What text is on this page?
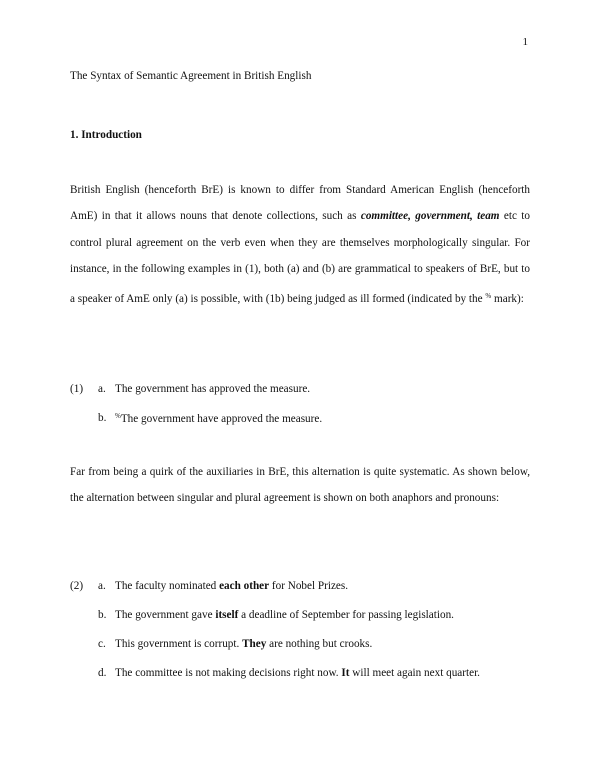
1
The Syntax of Semantic Agreement in British English
1. Introduction

British English (henceforth BrE) is known to differ from Standard American English (henceforth AmE) in that it allows nouns that denote collections, such as committee, government, team etc to control plural agreement on the verb even when they are themselves morphologically singular. For instance, in the following examples in (1), both (a) and (b) are grammatical to speakers of BrE, but to a speaker of AmE only (a) is possible, with (1b) being judged as ill formed (indicated by the % mark):

(1) a. The government has approved the measure.
b. %The government have approved the measure.

Far from being a quirk of the auxiliaries in BrE, this alternation is quite systematic. As shown below, the alternation between singular and plural agreement is shown on both anaphors and pronouns:

(2) a. The faculty nominated each other for Nobel Prizes.
b. The government gave itself a deadline of September for passing legislation.
c. This government is corrupt. They are nothing but crooks.
d. The committee is not making decisions right now. It will meet again next quarter.
